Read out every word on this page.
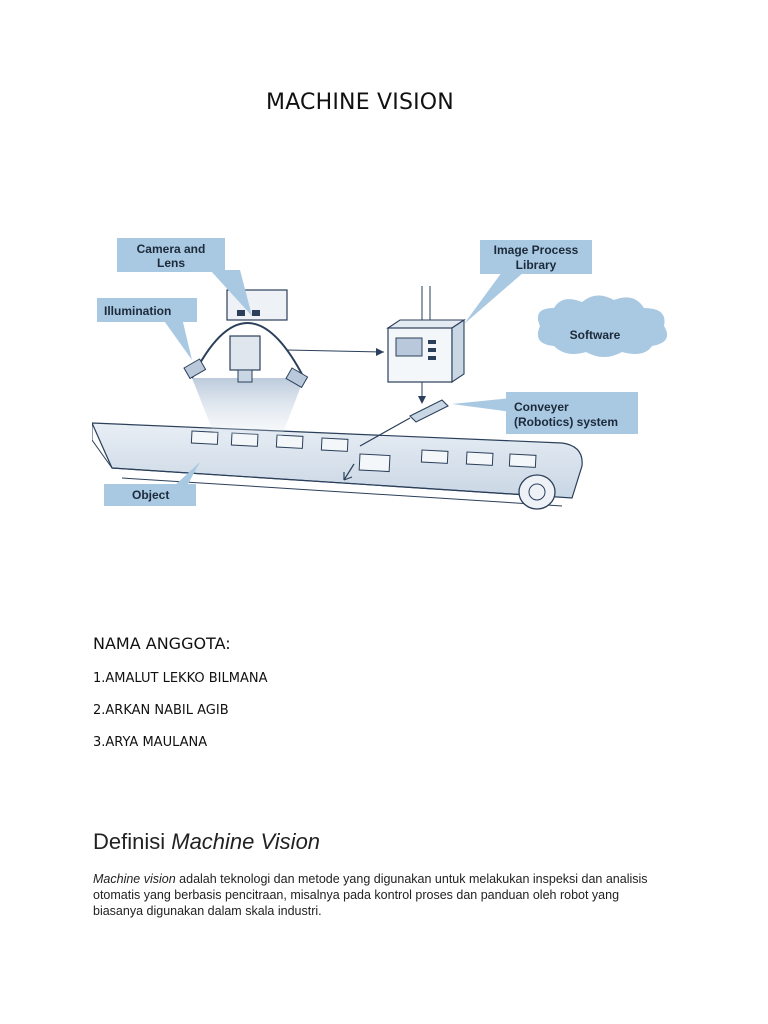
MACHINE VISION
Camera and
Lens
Illumination
Object
Image Process
Library
Software
Conveyer
(Robotics) system
NAMA ANGGOTA:
1.AMALUT LEKKO BILMANA
2.ARKAN NABIL AGIB
3.ARYA MAULANA
Definisi Machine Vision
Machine vision adalah teknologi dan metode yang digunakan untuk melakukan inspeksi dan analisis otomatis yang berbasis pencitraan, misalnya pada kontrol proses dan panduan oleh robot yang biasanya digunakan dalam skala industri.
